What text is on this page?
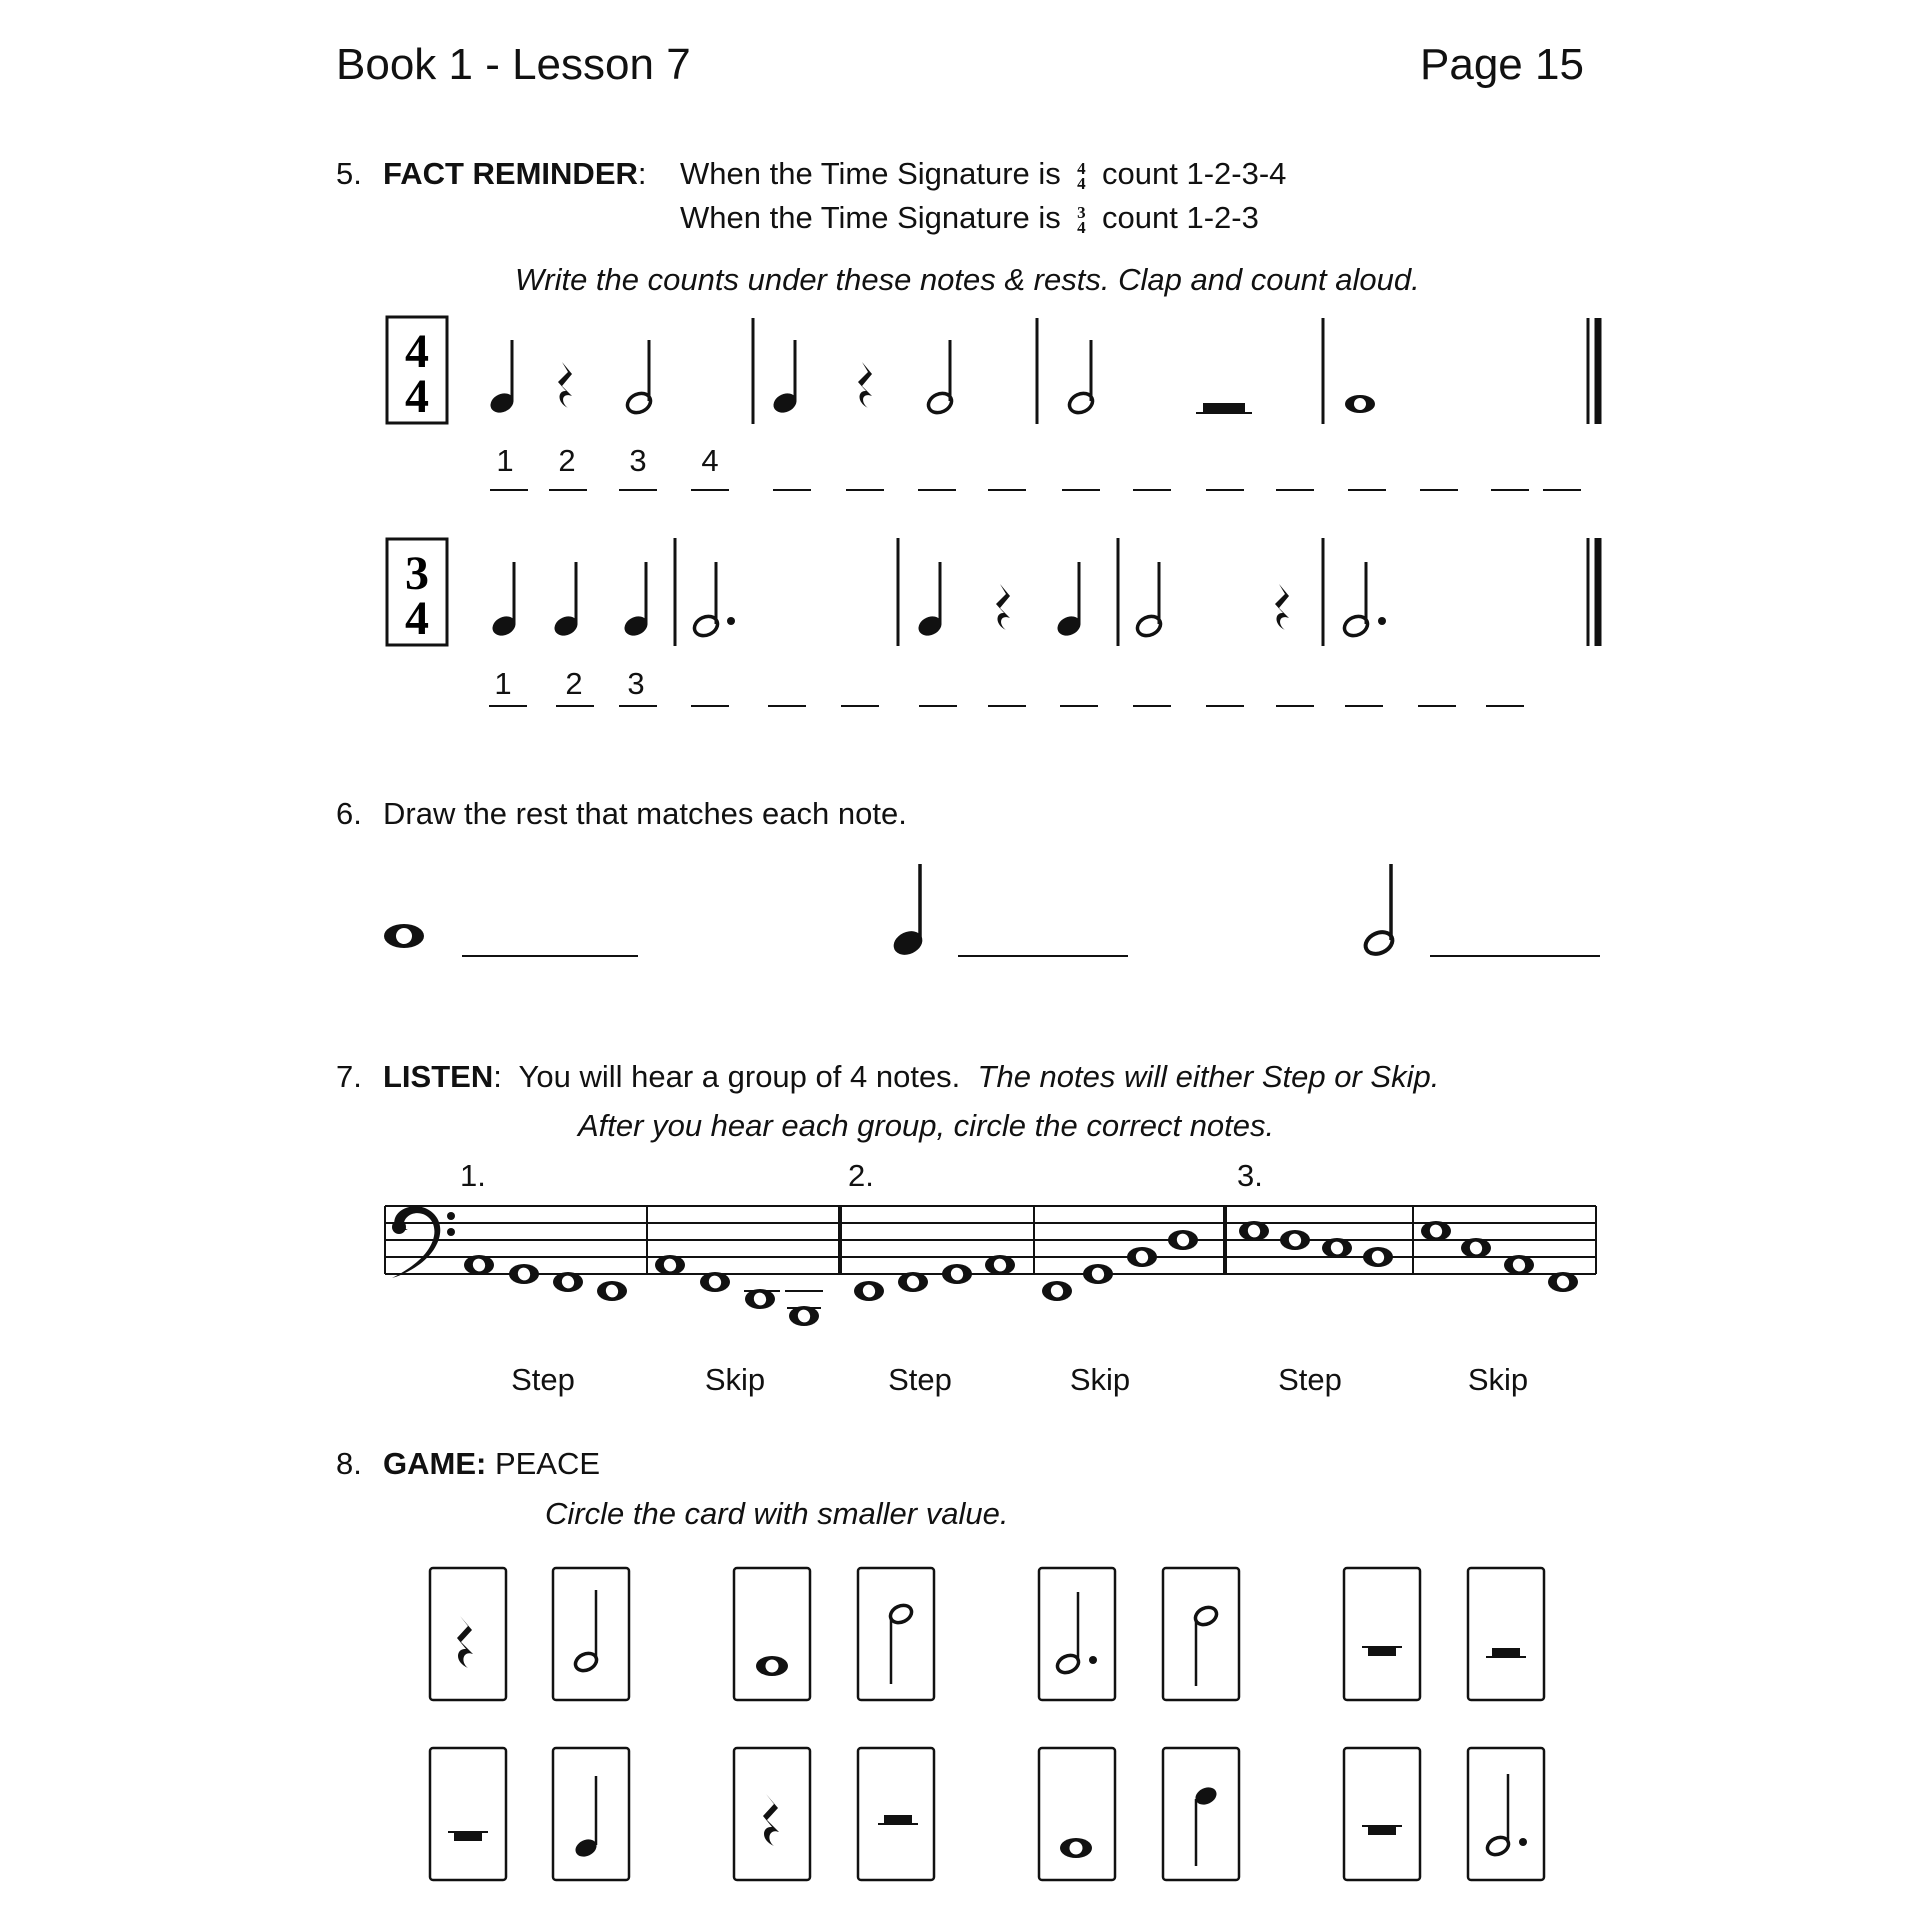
Book 1 - Lesson 7	Page 15
5. FACT REMINDER: When the Time Signature is 4
4 count 1-2-3-4
When the Time Signature is 3
4 count 1-2-3
Write the counts under these notes & rests. Clap and count aloud.
4
4
3
4
1	2	3	4
1	2	3
6. Draw the rest that matches each note.
7. LISTEN: You will hear a group of 4 notes. The notes will either Step or Skip.
After you hear each group, circle the correct notes.
1.	2.	3.
Step	Skip	Step	Skip	Step	Skip
8. GAME: PEACE
Circle the card with smaller value.
